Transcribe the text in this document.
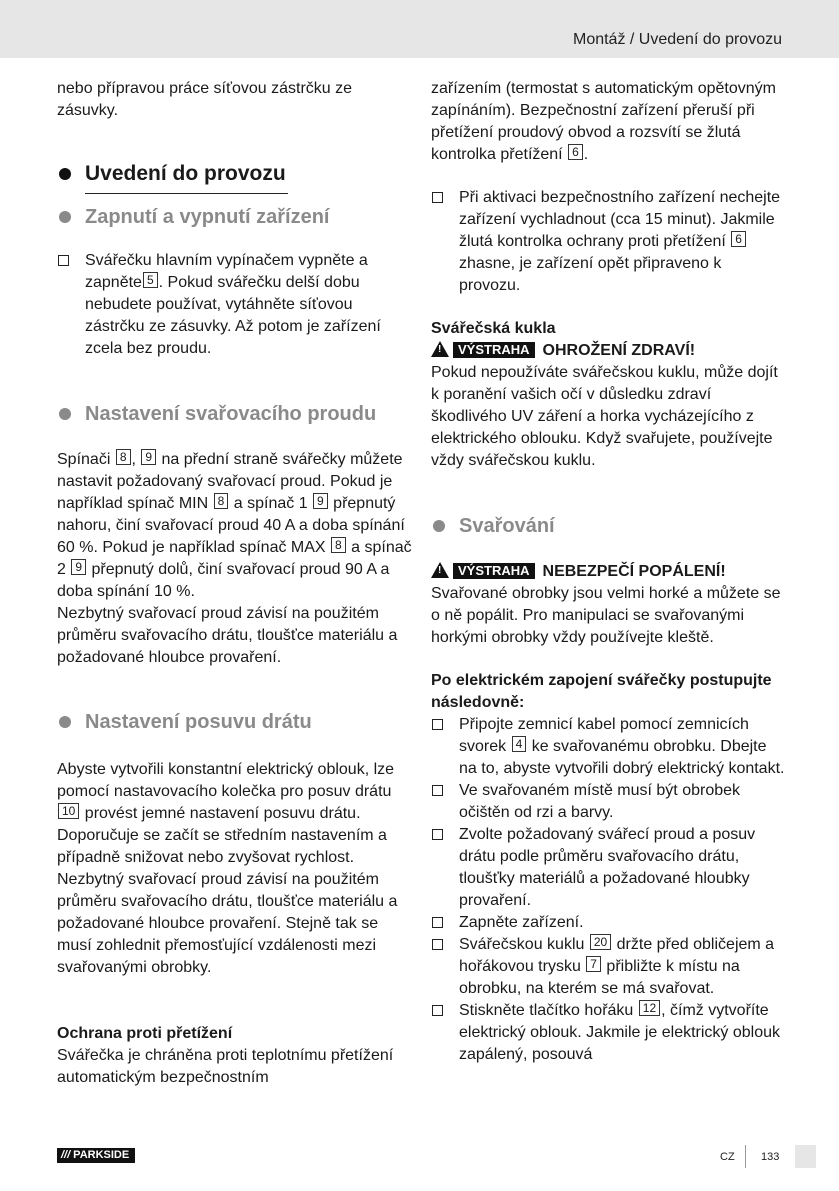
Montáž / Uvedení do provozu

nebo přípravou práce síťovou zástrčku ze zásuvky.

Uvedení do provozu
Zapnutí a vypnutí zařízení
Svářečku hlavním vypínačem vypněte a zapněte 5 . Pokud svářečku delší dobu nebudete používat, vytáhněte síťovou zástrčku ze zásuvky. Až potom je zařízení zcela bez proudu.
Nastavení svařovacího proudu

Spínači 8 , 9 na přední straně svářečky můžete nastavit požadovaný svařovací proud. Pokud je například spínač MIN 8 a spínač 1 9 přepnutý nahoru, činí svařovací proud 40 A a doba spínání 60 %. Pokud je například spínač MAX 8 a spínač 2 9 přepnutý dolů, činí svařovací proud 90 A a doba spínání 10 %.

Nezbytný svařovací proud závisí na použitém průměru svařovacího drátu, tloušťce materiálu a požadované hloubce provaření.

Nastavení posuvu drátu

Abyste vytvořili konstantní elektrický oblouk, lze pomocí nastavovacího kolečka pro posuv drátu 10 provést jemné nastavení posuvu drátu. Doporučuje se začít se středním nastavením a případně snižovat nebo zvyšovat rychlost.

Nezbytný svařovací proud závisí na použitém průměru svařovacího drátu, tloušťce materiálu a požadované hloubce provaření. Stejně tak se musí zohlednit přemosťující vzdálenosti mezi svařovanými obrobky.

Ochrana proti přetížení

Svářečka je chráněna proti teplotnímu přetížení automatickým bezpečnostním

zařízením (termostat s automatickým opětovným zapínáním). Bezpečnostní zařízení přeruší při přetížení proudový obvod a rozsvítí se žlutá kontrolka přetížení 6 .

Při aktivaci bezpečnostního zařízení nechejte zařízení vychladnout (cca 15 minut). Jakmile žlutá kontrolka ochrany proti přetížení 6 zhasne, je zařízení opět připraveno k provozu.

Svářečská kukla

! VÝSTRAHA OHROŽENÍ ZDRAVÍ!

Pokud nepoužíváte svářečskou kuklu, může dojít k poranění vašich očí v důsledku zdraví škodlivého UV záření a horka vycházejícího z elektrického oblouku. Když svařujete, používejte vždy svářečskou kuklu.

Svařování

! VÝSTRAHA NEBEZPEČÍ POPÁLENÍ!

Svařované obrobky jsou velmi horké a můžete se o ně popálit. Pro manipulaci se svařovanými horkými obrobky vždy používejte kleště.

Po elektrickém zapojení svářečky postupujte následovně:

Připojte zemnicí kabel pomocí zemnicích svorek 4 ke svařovanému obrobku. Dbejte na to, abyste vytvořili dobrý elektrický kontakt.
Ve svařovaném místě musí být obrobek očištěn od rzi a barvy.
Zvolte požadovaný svářecí proud a posuv drátu podle průměru svařovacího drátu, tloušťky materiálů a požadované hloubky provaření.
Zapněte zařízení.
Svářečskou kuklu 20 držte před obličejem a hořákovou trysku 7 přibližte k místu na obrobku, na kterém se má svařovat.
Stiskněte tlačítko hořáku 12 , čímž vytvoříte elektrický oblouk. Jakmile je elektrický oblouk zapálený, posouvá
/// PARKSIDE	CZ 133
